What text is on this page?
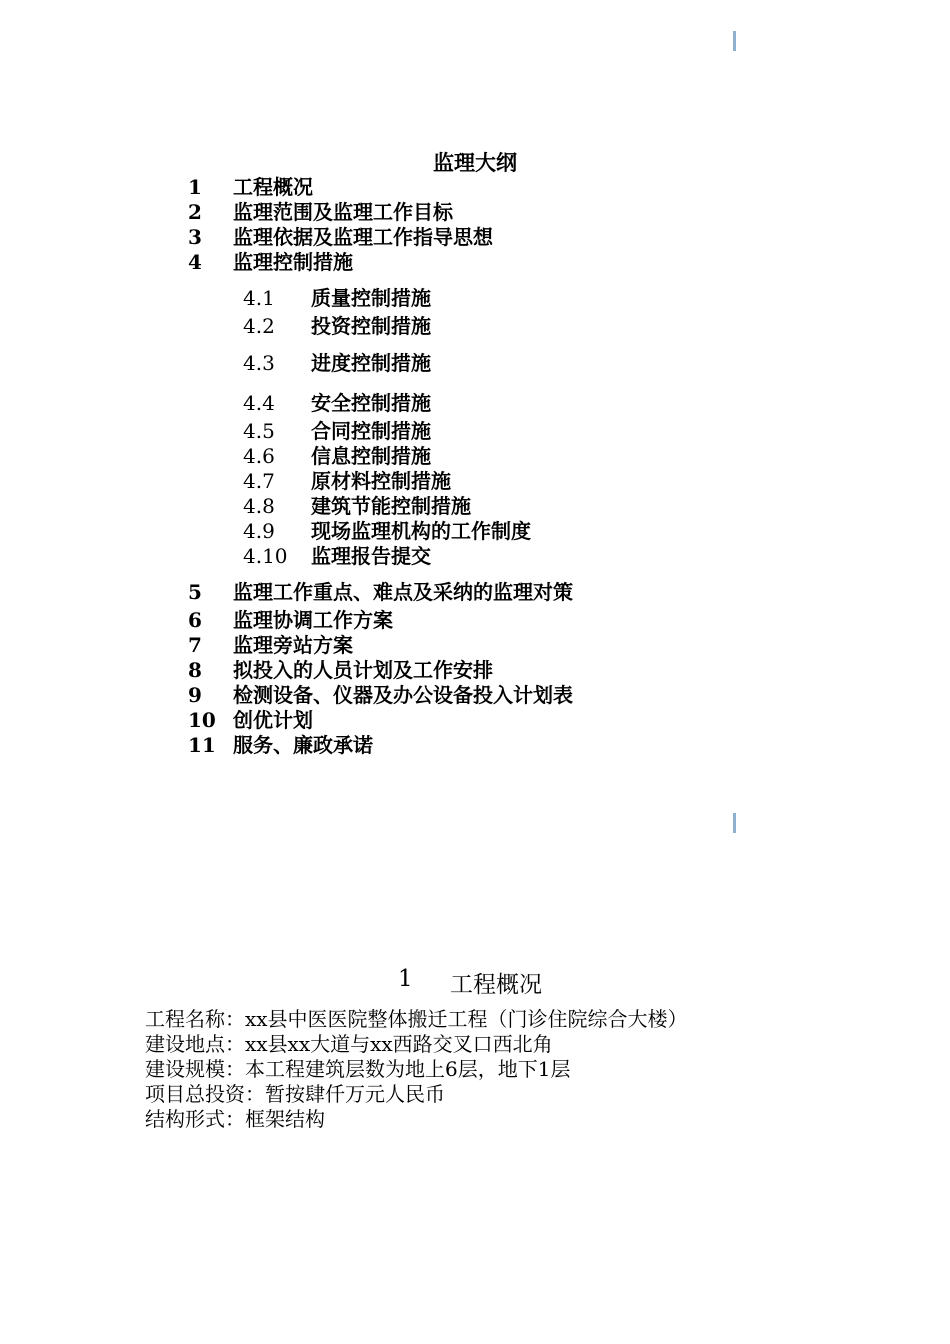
监理大纲
1 工程概况
2 监理范围及监理工作目标
3 监理依据及监理工作指导思想
4 监理控制措施
4.1 质量控制措施
4.2 投资控制措施
4.3 进度控制措施
4.4 安全控制措施
4.5 合同控制措施
4.6 信息控制措施
4.7 原材料控制措施
4.8 建筑节能控制措施
4.9 现场监理机构的工作制度
4.10 监理报告提交
5 监理工作重点、难点及采纳的监理对策
6 监理协调工作方案
7 监理旁站方案
8 拟投入的人员计划及工作安排
9 检测设备、仪器及办公设备投入计划表
10 创优计划
11 服务、廉政承诺
1 工程概况
工程名称：xx县中医医院整体搬迁工程（门诊住院综合大楼）
建设地点：xx县xx大道与xx西路交叉口西北角
建设规模：本工程建筑层数为地上6层，地下1层
项目总投资：暂按肆仟万元人民币
结构形式：框架结构
